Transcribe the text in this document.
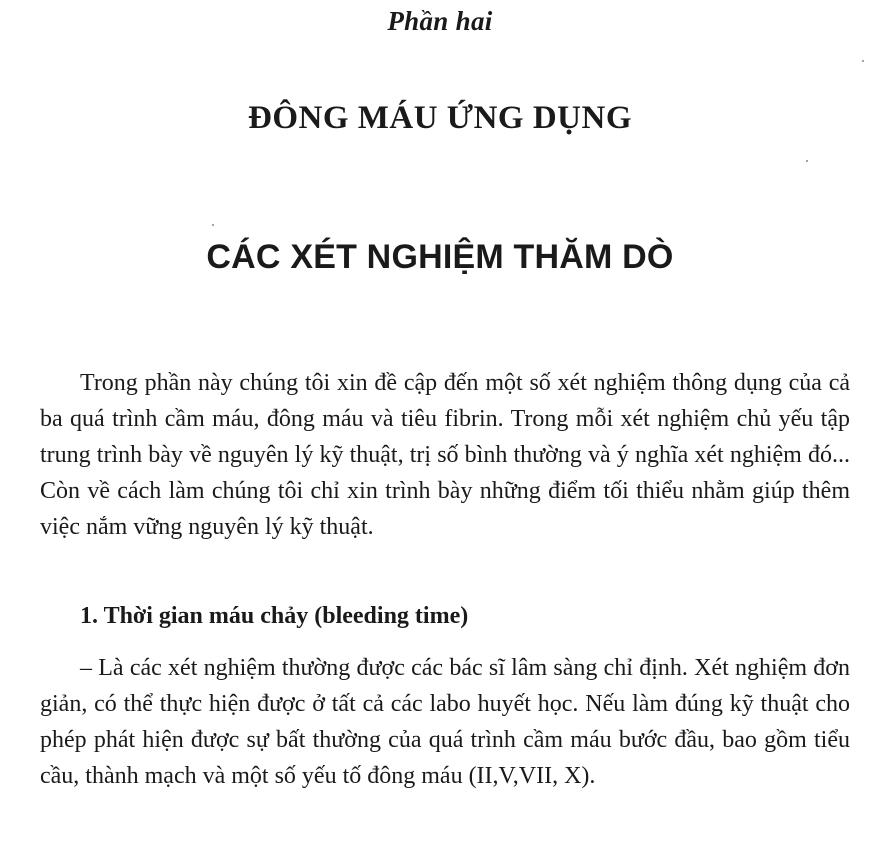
Phần hai
ĐÔNG MÁU ỨNG DỤNG
CÁC XÉT NGHIỆM THĂM DÒ

Trong phần này chúng tôi xin đề cập đến một số xét nghiệm thông dụng của cả ba quá trình cầm máu, đông máu và tiêu fibrin. Trong mỗi xét nghiệm chủ yếu tập trung trình bày về nguyên lý kỹ thuật, trị số bình thường và ý nghĩa xét nghiệm đó... Còn về cách làm chúng tôi chỉ xin trình bày những điểm tối thiểu nhằm giúp thêm việc nắm vững nguyên lý kỹ thuật.

1. Thời gian máu chảy (bleeding time)

– Là các xét nghiệm thường được các bác sĩ lâm sàng chỉ định. Xét nghiệm đơn giản, có thể thực hiện được ở tất cả các labo huyết học. Nếu làm đúng kỹ thuật cho phép phát hiện được sự bất thường của quá trình cầm máu bước đầu, bao gồm tiểu cầu, thành mạch và một số yếu tố đông máu (II,V,VII, X).
